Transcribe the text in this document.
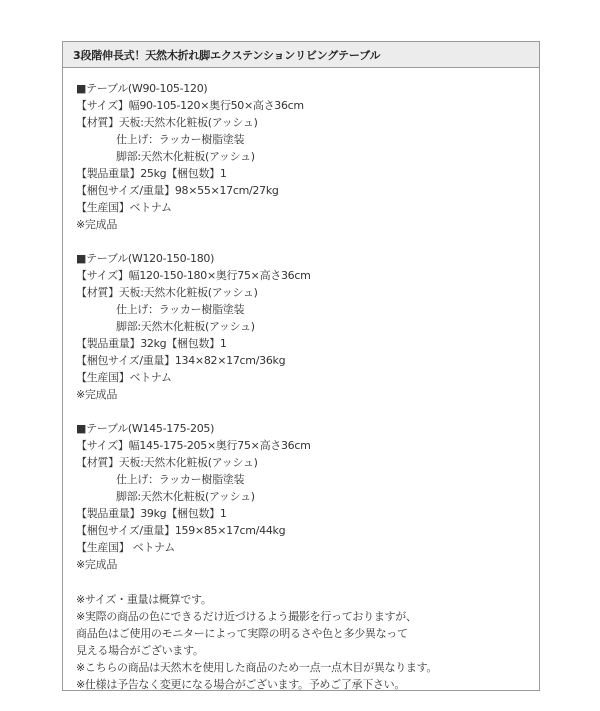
3段階伸長式！天然木折れ脚エクステンションリビングテーブル
■テーブル(W90-105-120)
【サイズ】幅90-105-120×奥行50×高さ36cm
【材質】天板:天然木化粧板(アッシュ)
仕上げ：ラッカー樹脂塗装
脚部:天然木化粧板(アッシュ)
【製品重量】25kg【梱包数】1
【梱包サイズ/重量】98×55×17cm/27kg
【生産国】ベトナム
※完成品
■テーブル(W120-150-180)
【サイズ】幅120-150-180×奥行75×高さ36cm
【材質】天板:天然木化粧板(アッシュ)
仕上げ：ラッカー樹脂塗装
脚部:天然木化粧板(アッシュ)
【製品重量】32kg【梱包数】1
【梱包サイズ/重量】134×82×17cm/36kg
【生産国】ベトナム
※完成品
■テーブル(W145-175-205)
【サイズ】幅145-175-205×奥行75×高さ36cm
【材質】天板:天然木化粧板(アッシュ)
仕上げ：ラッカー樹脂塗装
脚部:天然木化粧板(アッシュ)
【製品重量】39kg【梱包数】1
【梱包サイズ/重量】159×85×17cm/44kg
【生産国】 ベトナム
※完成品
※サイズ・重量は概算です。
※実際の商品の色にできるだけ近づけるよう撮影を行っておりますが、
商品色はご使用のモニターによって実際の明るさや色と多少異なって
見える場合がございます。
※こちらの商品は天然木を使用した商品のため一点一点木目が異なります。
※仕様は予告なく変更になる場合がございます。予めご了承下さい。
